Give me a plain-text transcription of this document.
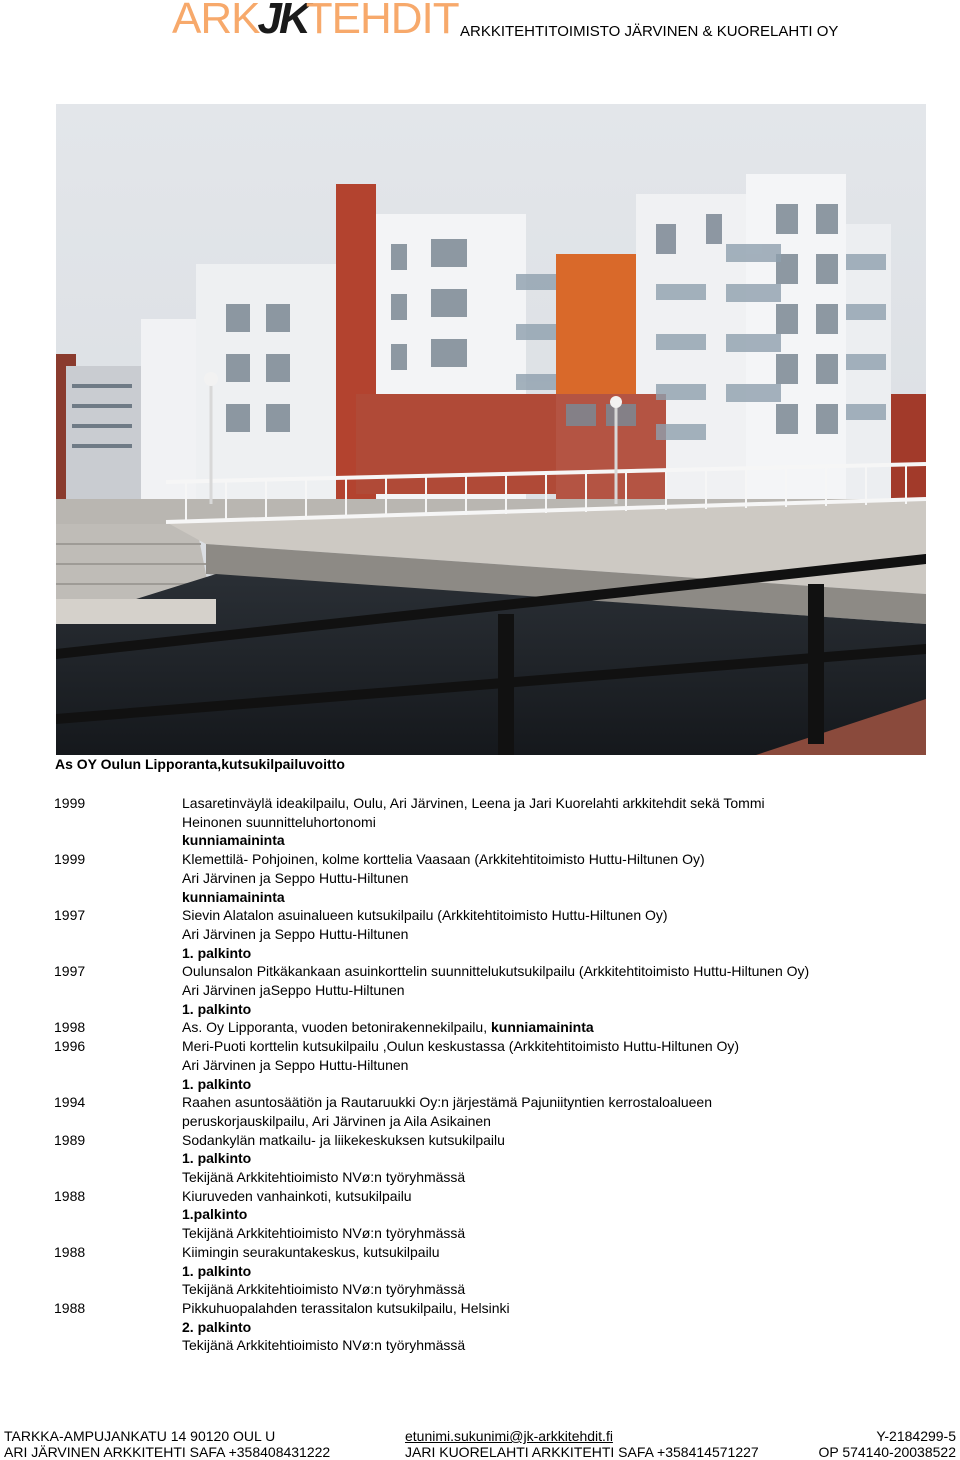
ARKJKTEHDIT ARKKITEHTITOIMISTO JÄRVINEN & KUORELAHTI OY
As OY Oulun Lipporanta,kutsukilpailuvoitto
1999	Lasaretinväylä ideakilpailu, Oulu, Ari Järvinen, Leena ja Jari Kuorelahti arkkitehdit sekä Tommi
Heinonen suunnitteluhortonomi
kunniamaininta
1999	Klemettilä- Pohjoinen, kolme korttelia Vaasaan (Arkkitehtitoimisto Huttu-Hiltunen Oy)
Ari Järvinen ja Seppo Huttu-Hiltunen
kunniamaininta
1997	Sievin Alatalon asuinalueen kutsukilpailu (Arkkitehtitoimisto Huttu-Hiltunen Oy)
Ari Järvinen ja Seppo Huttu-Hiltunen
1. palkinto
1997	Oulunsalon Pitkäkankaan asuinkorttelin suunnittelukutsukilpailu (Arkkitehtitoimisto Huttu-Hiltunen Oy)
Ari Järvinen jaSeppo Huttu-Hiltunen
1. palkinto
1998	As. Oy Lipporanta, vuoden betonirakennekilpailu, kunniamaininta
1996	Meri-Puoti korttelin kutsukilpailu ,Oulun keskustassa (Arkkitehtitoimisto Huttu-Hiltunen Oy)
Ari Järvinen ja Seppo Huttu-Hiltunen
1. palkinto
1994	Raahen asuntosäätiön ja Rautaruukki Oy:n järjestämä Pajuniityntien kerrostaloalueen
peruskorjauskilpailu, Ari Järvinen ja Aila Asikainen
1989	Sodankylän matkailu- ja liikekeskuksen kutsukilpailu
1. palkinto
Tekijänä Arkkitehtioimisto NVø:n työryhmässä
1988	Kiuruveden vanhainkoti, kutsukilpailu
1.palkinto
Tekijänä Arkkitehtioimisto NVø:n työryhmässä
1988	Kiimingin seurakuntakeskus, kutsukilpailu
1. palkinto
Tekijänä Arkkitehtioimisto NVø:n työryhmässä
1988	Pikkuhuopalahden terassitalon kutsukilpailu, Helsinki
2. palkinto
Tekijänä Arkkitehtioimisto NVø:n työryhmässä
TARKKA-AMPUJANKATU 14 90120 OUL U	etunimi.sukunimi@jk-arkkitehdit.fi	Y-2184299-5
ARI JÄRVINEN ARKKITEHTI SAFA +358408431222	JARI KUORELAHTI ARKKITEHTI SAFA +358414571227	OP 574140-20038522
